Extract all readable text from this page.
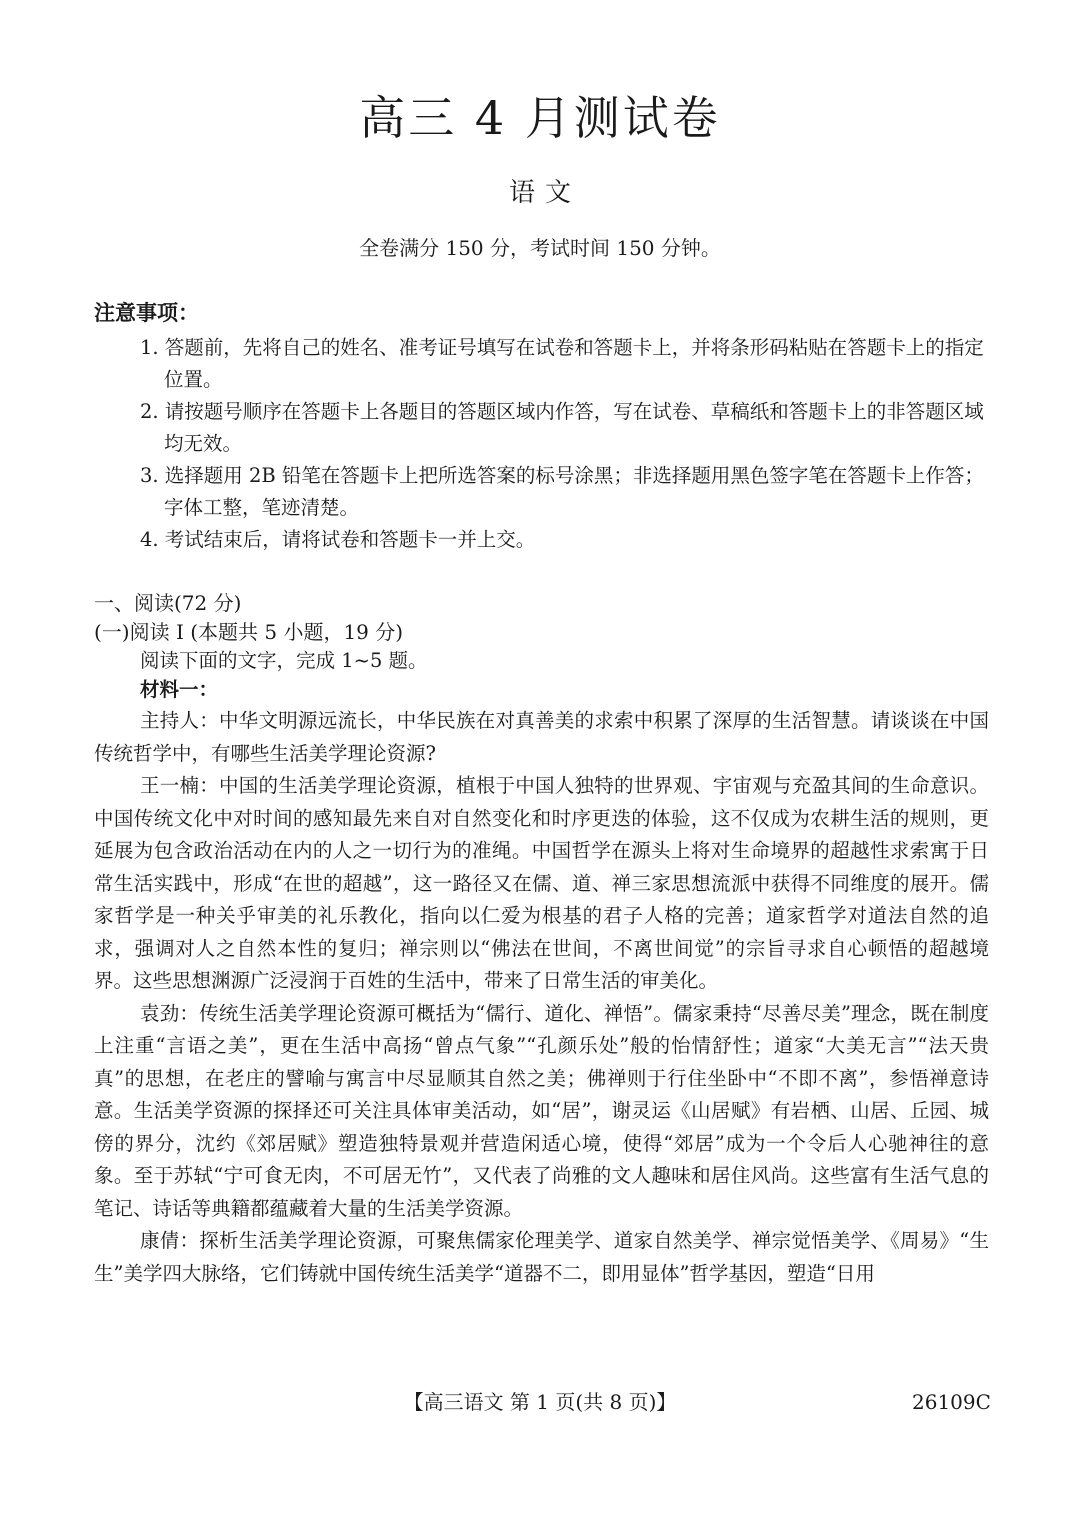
高三 4 月测试卷
语 文
全卷满分 150 分，考试时间 150 分钟。
注意事项：

1. 答题前，先将自己的姓名、准考证号填写在试卷和答题卡上，并将条形码粘贴在答题卡上的指定位置。

2. 请按题号顺序在答题卡上各题目的答题区域内作答，写在试卷、草稿纸和答题卡上的非答题区域均无效。

3. 选择题用 2B 铅笔在答题卡上把所选答案的标号涂黑；非选择题用黑色签字笔在答题卡上作答；字体工整，笔迹清楚。

4. 考试结束后，请将试卷和答题卡一并上交。

一、阅读(72 分)
(一)阅读 I (本题共 5 小题，19 分)
阅读下面的文字，完成 1~5 题。
材料一：

主持人：中华文明源远流长，中华民族在对真善美的求索中积累了深厚的生活智慧。请谈谈在中国传统哲学中，有哪些生活美学理论资源?

王一楠：中国的生活美学理论资源，植根于中国人独特的世界观、宇宙观与充盈其间的生命意识。中国传统文化中对时间的感知最先来自对自然变化和时序更迭的体验，这不仅成为农耕生活的规则，更延展为包含政治活动在内的人之一切行为的准绳。中国哲学在源头上将对生命境界的超越性求索寓于日常生活实践中，形成“在世的超越”，这一路径又在儒、道、禅三家思想流派中获得不同维度的展开。儒家哲学是一种关乎审美的礼乐教化，指向以仁爱为根基的君子人格的完善；道家哲学对道法自然的追求，强调对人之自然本性的复归；禅宗则以“佛法在世间，不离世间觉”的宗旨寻求自心顿悟的超越境界。这些思想渊源广泛浸润于百姓的生活中，带来了日常生活的审美化。

袁劲：传统生活美学理论资源可概括为“儒行、道化、禅悟”。儒家秉持“尽善尽美”理念，既在制度上注重“言语之美”，更在生活中高扬“曾点气象”“孔颜乐处”般的怡情舒性；道家“大美无言”“法天贵真”的思想，在老庄的譬喻与寓言中尽显顺其自然之美；佛禅则于行住坐卧中“不即不离”，参悟禅意诗意。生活美学资源的探择还可关注具体审美活动，如“居”，谢灵运《山居赋》有岩栖、山居、丘园、城傍的界分，沈约《郊居赋》塑造独特景观并营造闲适心境，使得“郊居”成为一个令后人心驰神往的意象。至于苏轼“宁可食无肉，不可居无竹”，又代表了尚雅的文人趣味和居住风尚。这些富有生活气息的笔记、诗话等典籍都蕴藏着大量的生活美学资源。

康倩：探析生活美学理论资源，可聚焦儒家伦理美学、道家自然美学、禅宗觉悟美学、《周易》“生生”美学四大脉络，它们铸就中国传统生活美学“道器不二，即用显体”哲学基因，塑造“日用

【高三语文 第 1 页(共 8 页)】	26109C
